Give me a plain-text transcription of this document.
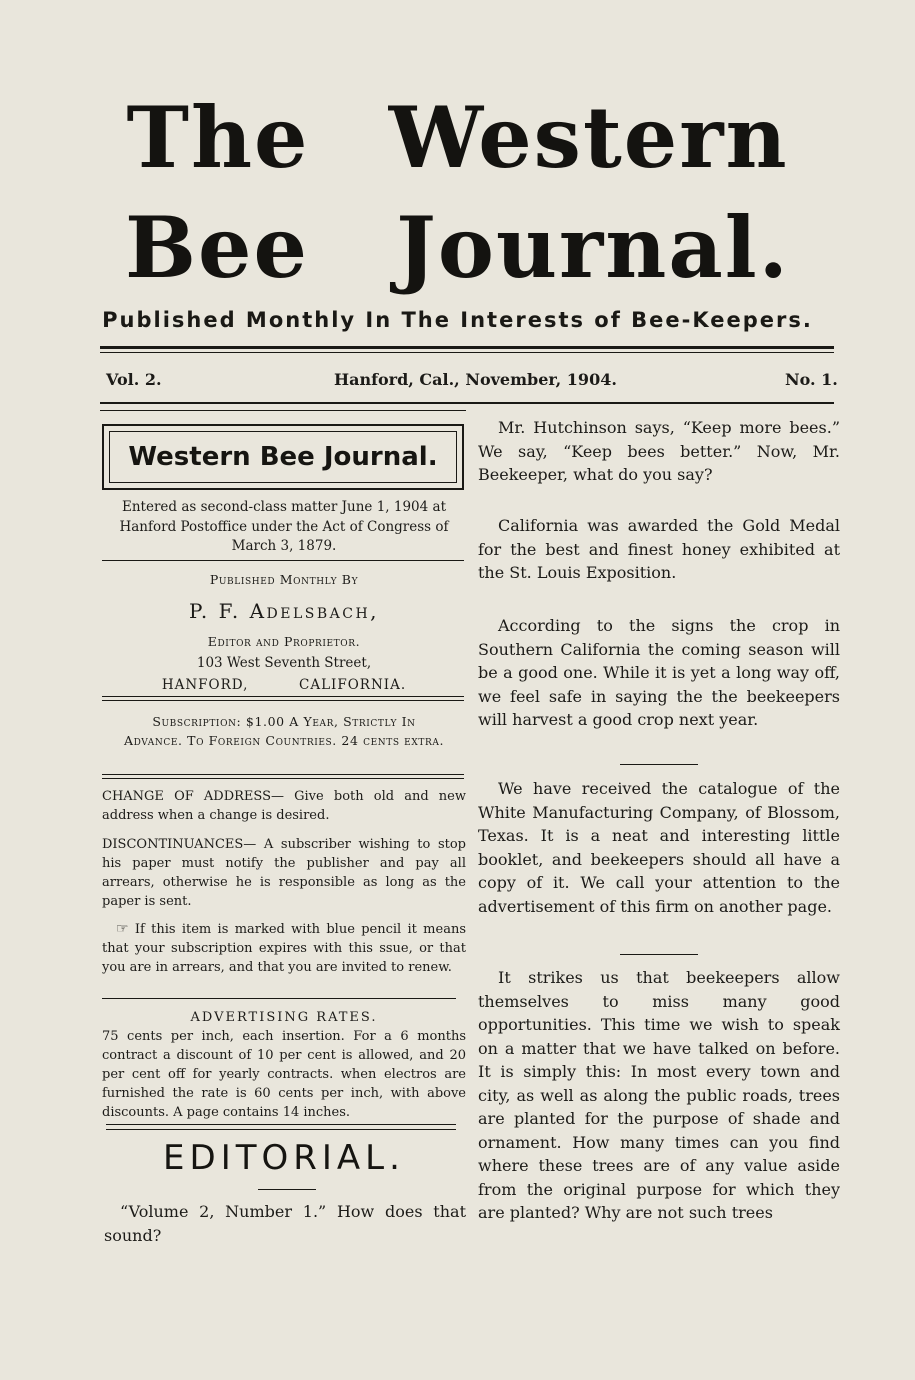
The Western
Bee Journal.
Published Monthly In The Interests of Bee-Keepers.
Vol. 2.	Hanford, Cal., November, 1904.	No. 1.
Western Bee Journal.
Entered as second-class matter June 1, 1904 at Hanford Postoffice under the Act of Congress of March 3, 1879.
Published Monthly By
P. F. Adelsbach,
Editor and Proprietor.
103 West Seventh Street,
HANFORD,	CALIFORNIA.
Subscription: $1.00 A Year, Strictly In Advance. To Foreign Countries. 24 cents extra.
CHANGE OF ADDRESS— Give both old and new address when a change is desired.
DISCONTINUANCES— A subscriber wishing to stop his paper must notify the publisher and pay all arrears, otherwise he is responsible as long as the paper is sent.
☞ If this item is marked with blue pencil it means that your subscription expires with this ssue, or that you are in arrears, and that you are invited to renew.
ADVERTISING RATES.
75 cents per inch, each insertion. For a 6 months contract a discount of 10 per cent is allowed, and 20 per cent off for yearly contracts. when electros are furnished the rate is 60 cents per inch, with above discounts. A page contains 14 inches.
EDITORIAL.
“Volume 2, Number 1.” How does that sound?
Mr. Hutchinson says, “Keep more bees.” We say, “Keep bees better.” Now, Mr. Beekeeper, what do you say?
California was awarded the Gold Medal for the best and finest honey exhibited at the St. Louis Exposition.
According to the signs the crop in Southern California the coming season will be a good one. While it is yet a long way off, we feel safe in saying the the beekeepers will harvest a good crop next year.
We have received the catalogue of the White Manufacturing Company, of Blossom, Texas. It is a neat and interesting little booklet, and beekeepers should all have a copy of it. We call your attention to the advertisement of this firm on another page.
It strikes us that beekeepers allow themselves to miss many good opportunities. This time we wish to speak on a matter that we have talked on before. It is simply this: In most every town and city, as well as along the public roads, trees are planted for the purpose of shade and ornament. How many times can you find where these trees are of any value aside from the original purpose for which they are planted? Why are not such trees
